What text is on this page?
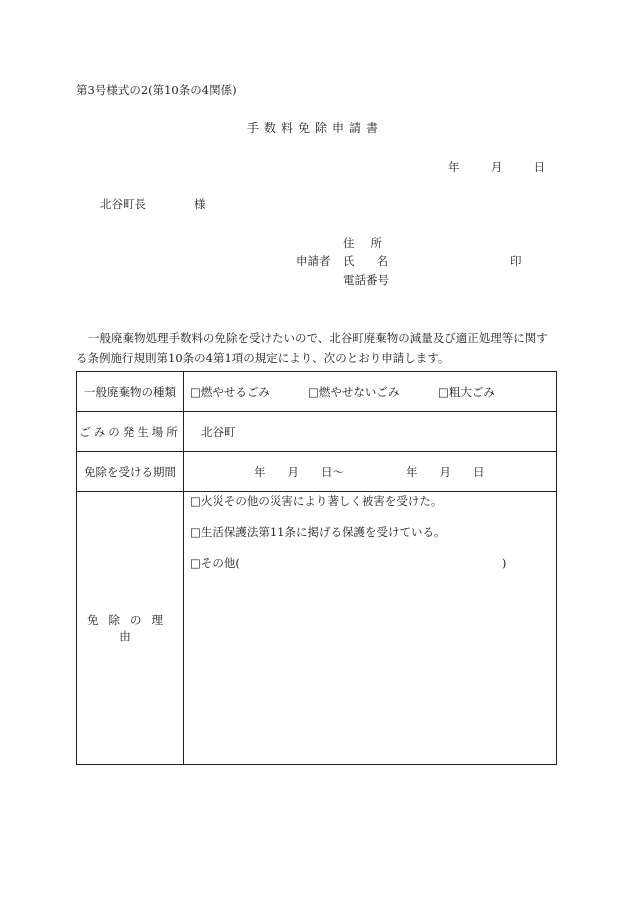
第3号様式の2(第10条の4関係)
手数料免除申請書
年	月	日
北谷町長	様
住 所
申請者 氏 名	印
電話番号
一般廃棄物処理手数料の免除を受けたいので、北谷町廃棄物の減量及び適正処理等に関する条例施行規則第10条の4第1項の規定により、次のとおり申請します。
一般廃棄物の種類	□燃やせるごみ □燃やせないごみ □粗大ごみ

ごみの発生場所	北谷町

免除を受ける期間	年 月 日〜 年 月 日

免除の理由	□火災その他の災害により著しく被害を受けた。
□生活保護法第11条に掲げる保護を受けている。
□その他( )
